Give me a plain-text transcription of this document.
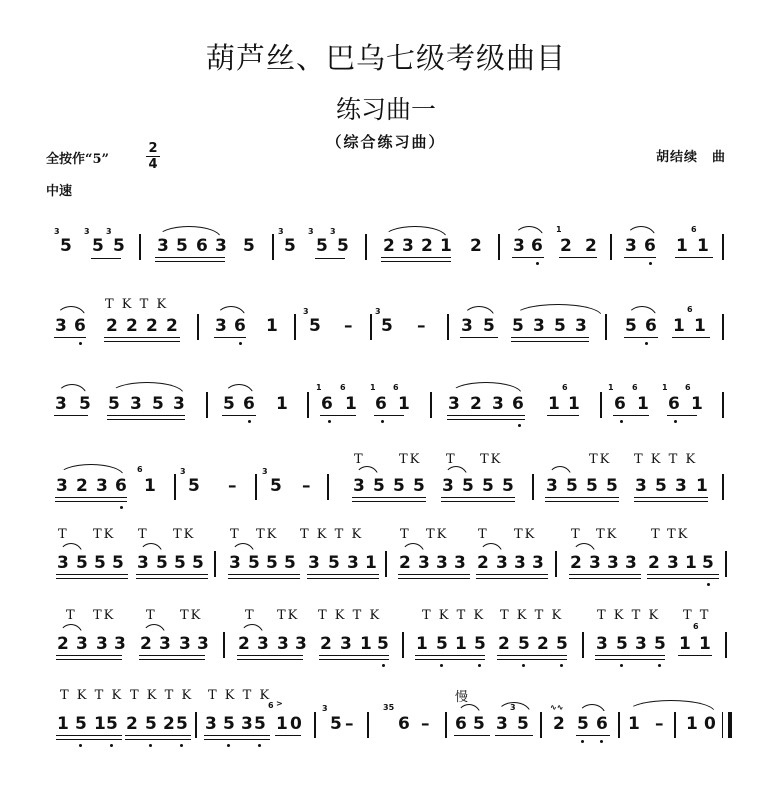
葫芦丝、巴乌七级考级曲目
练习曲一
（综合练习曲）
全按作“5”
2
4
中速
胡结续　曲
3
5
3
5
3
5 3 5 6 3 5
3
5
3
5
3
5 2 3 2 1 2 3 6
1
2 2 3 6 1
6
1
T K T K
3 6 2 2 2 2 3 6 1
3
5 –
3
5 – 3 5 5 3 5 3 5 6 1
6
1
3 5 5 3 5 3 5 6 1
1
6
6
1
1
6
6
1 3 2 3 6 1
6
1
1
6
6
1
1
6
6
1
3 2 3 6
6
1
3
5 –
3
5 –
T	TK T TK
3 5 5 5 3 5 5 5
TK T K T K
3 5 5 5 3 5 3 1
T TK T TK
3 5 5 5 3 5 5 5
T TK T K T K
3 5 5 5 3 5 3 1
T TK T TK
2 3 3 3 2 3 3 3
T TK	T TK
2 3 3 3 2 3 1 5
T TK T TK
2 3 3 3 2 3 3 3
T TK T K T K
2 3 3 3 2 3 1 5
T K T K T K T K
1 5 1 5 2 5 2 5
T K T K T T
3 5 3 5 1
6
1
T K T K T K T K T K T K
1 5 1 5 2 5 2 5 3 5 3 5
6 >
1 0
3
5 –
35
6 –
慢
6 5 3
3
5
∿∿
2 5 6 1 – 1 0
